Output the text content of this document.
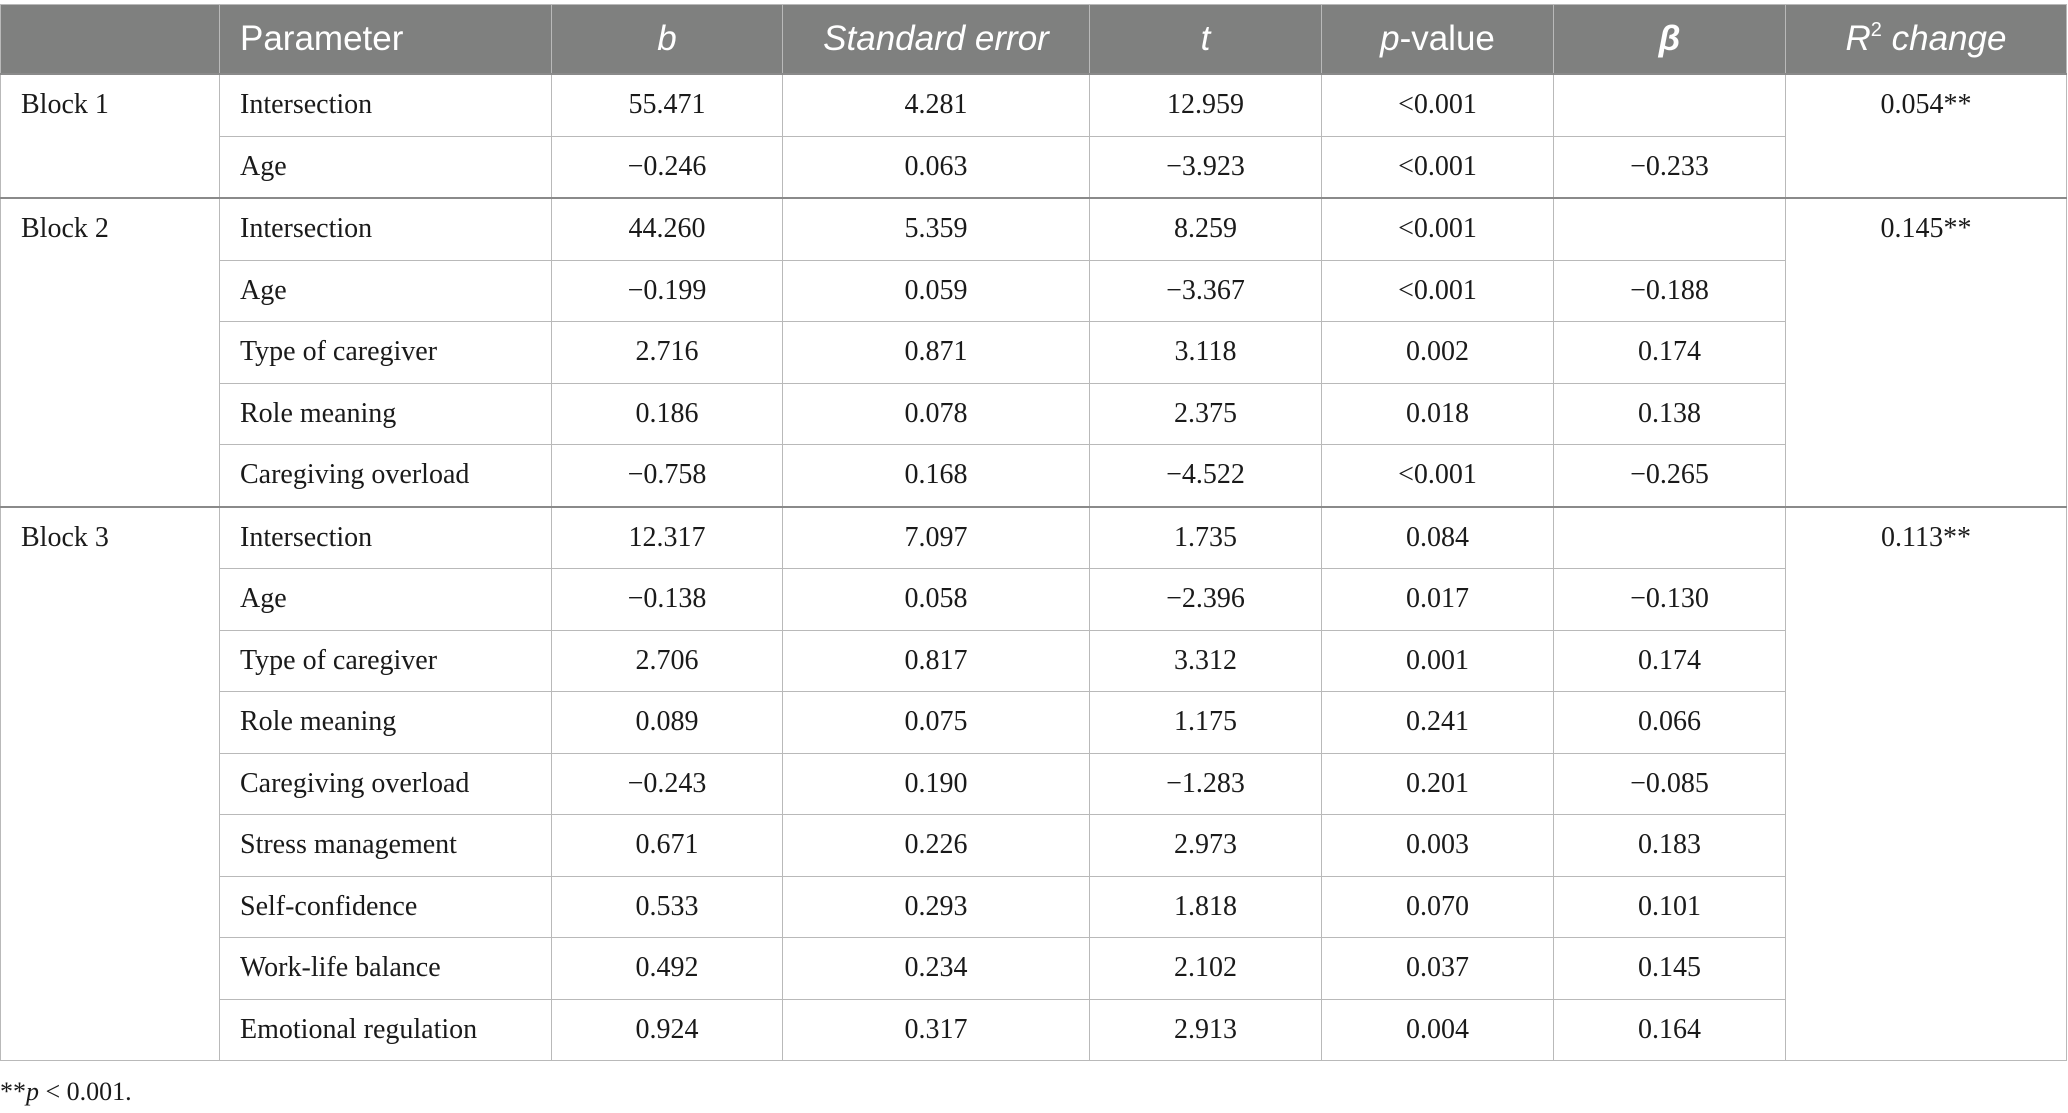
	Parameter	b	Standard error	t	p-value	β	$R^2$ change
Block 1	Intersection	55.471	4.281	12.959	<0.001		0.054**
	Age	−0.246	0.063	−3.923	<0.001	−0.233	
Block 2	Intersection	44.260	5.359	8.259	<0.001		0.145**
	Age	−0.199	0.059	−3.367	<0.001	−0.188	
	Type of caregiver	2.716	0.871	3.118	0.002	0.174	
	Role meaning	0.186	0.078	2.375	0.018	0.138	
	Caregiving overload	−0.758	0.168	−4.522	<0.001	−0.265	
Block 3	Intersection	12.317	7.097	1.735	0.084		0.113**
	Age	−0.138	0.058	−2.396	0.017	−0.130	
	Type of caregiver	2.706	0.817	3.312	0.001	0.174	
	Role meaning	0.089	0.075	1.175	0.241	0.066	
	Caregiving overload	−0.243	0.190	−1.283	0.201	−0.085	
	Stress management	0.671	0.226	2.973	0.003	0.183	
	Self-confidence	0.533	0.293	1.818	0.070	0.101	
	Work-life balance	0.492	0.234	2.102	0.037	0.145	
	Emotional regulation	0.924	0.317	2.913	0.004	0.164	
**p < 0.001.
